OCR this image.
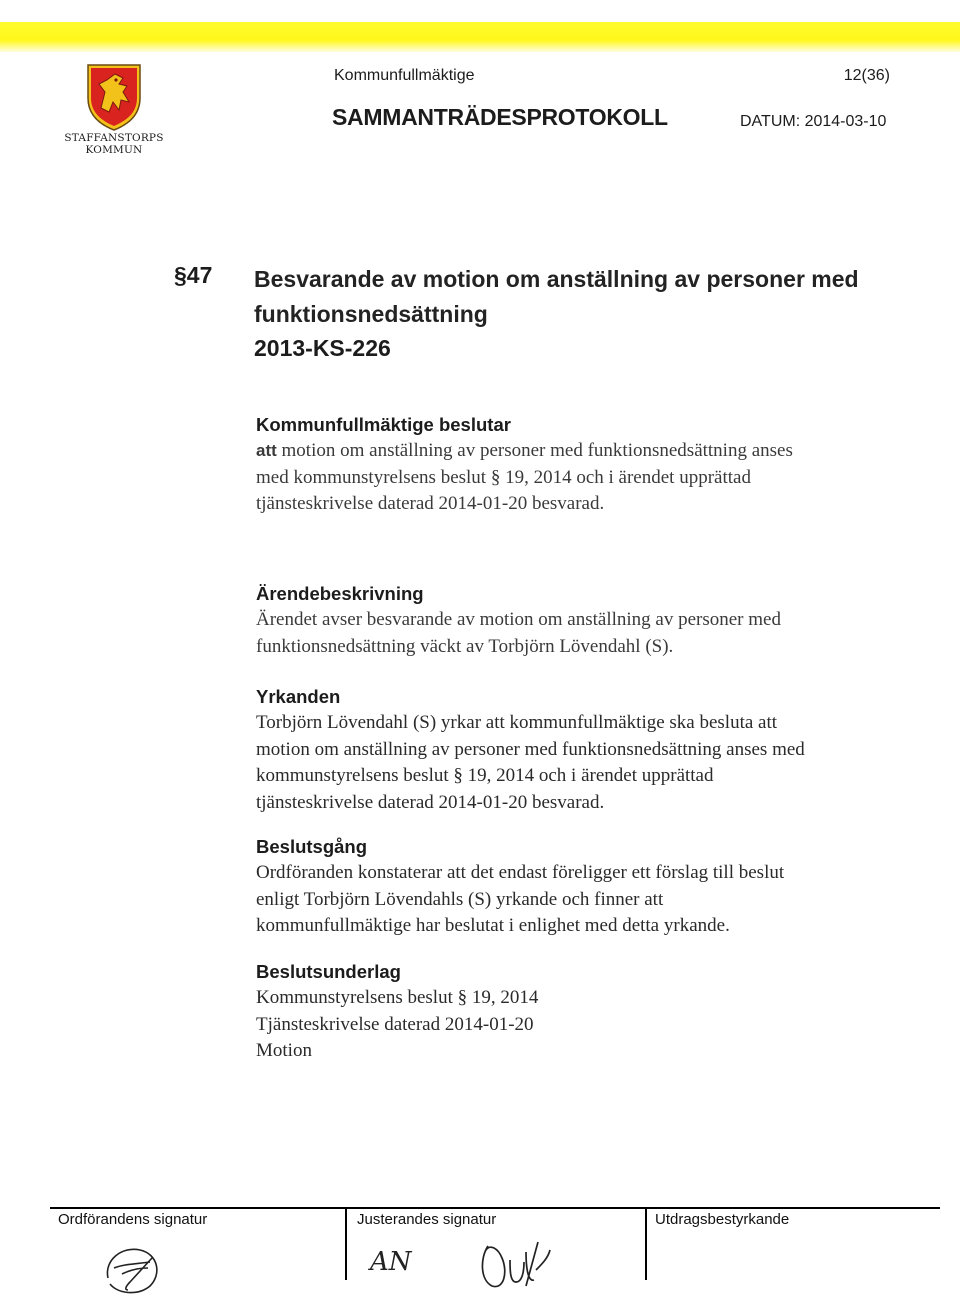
STAFFANSTORPS
KOMMUN
Kommunfullmäktige	12(36)
SAMMANTRÄDESPROTOKOLL	DATUM: 2014-03-10
§47 Besvarande av motion om anställning av personer med funktionsnedsättning
2013-KS-226
Kommunfullmäktige beslutar

att motion om anställning av personer med funktionsnedsättning anses
med kommunstyrelsens beslut § 19, 2014 och i ärendet upprättad
tjänsteskrivelse daterad 2014-01-20 besvarad.

Ärendebeskrivning

Ärendet avser besvarande av motion om anställning av personer med
funktionsnedsättning väckt av Torbjörn Lövendahl (S).

Yrkanden

Torbjörn Lövendahl (S) yrkar att kommunfullmäktige ska besluta att
motion om anställning av personer med funktionsnedsättning anses med
kommunstyrelsens beslut § 19, 2014 och i ärendet upprättad
tjänsteskrivelse daterad 2014-01-20 besvarad.

Beslutsgång

Ordföranden konstaterar att det endast föreligger ett förslag till beslut
enligt Torbjörn Lövendahls (S) yrkande och finner att
kommunfullmäktige har beslutat i enlighet med detta yrkande.

Beslutsunderlag

Kommunstyrelsens beslut § 19, 2014
Tjänsteskrivelse daterad 2014-01-20
Motion

Ordförandens signatur	Justerandes signatur	Utdragsbestyrkande
AN
